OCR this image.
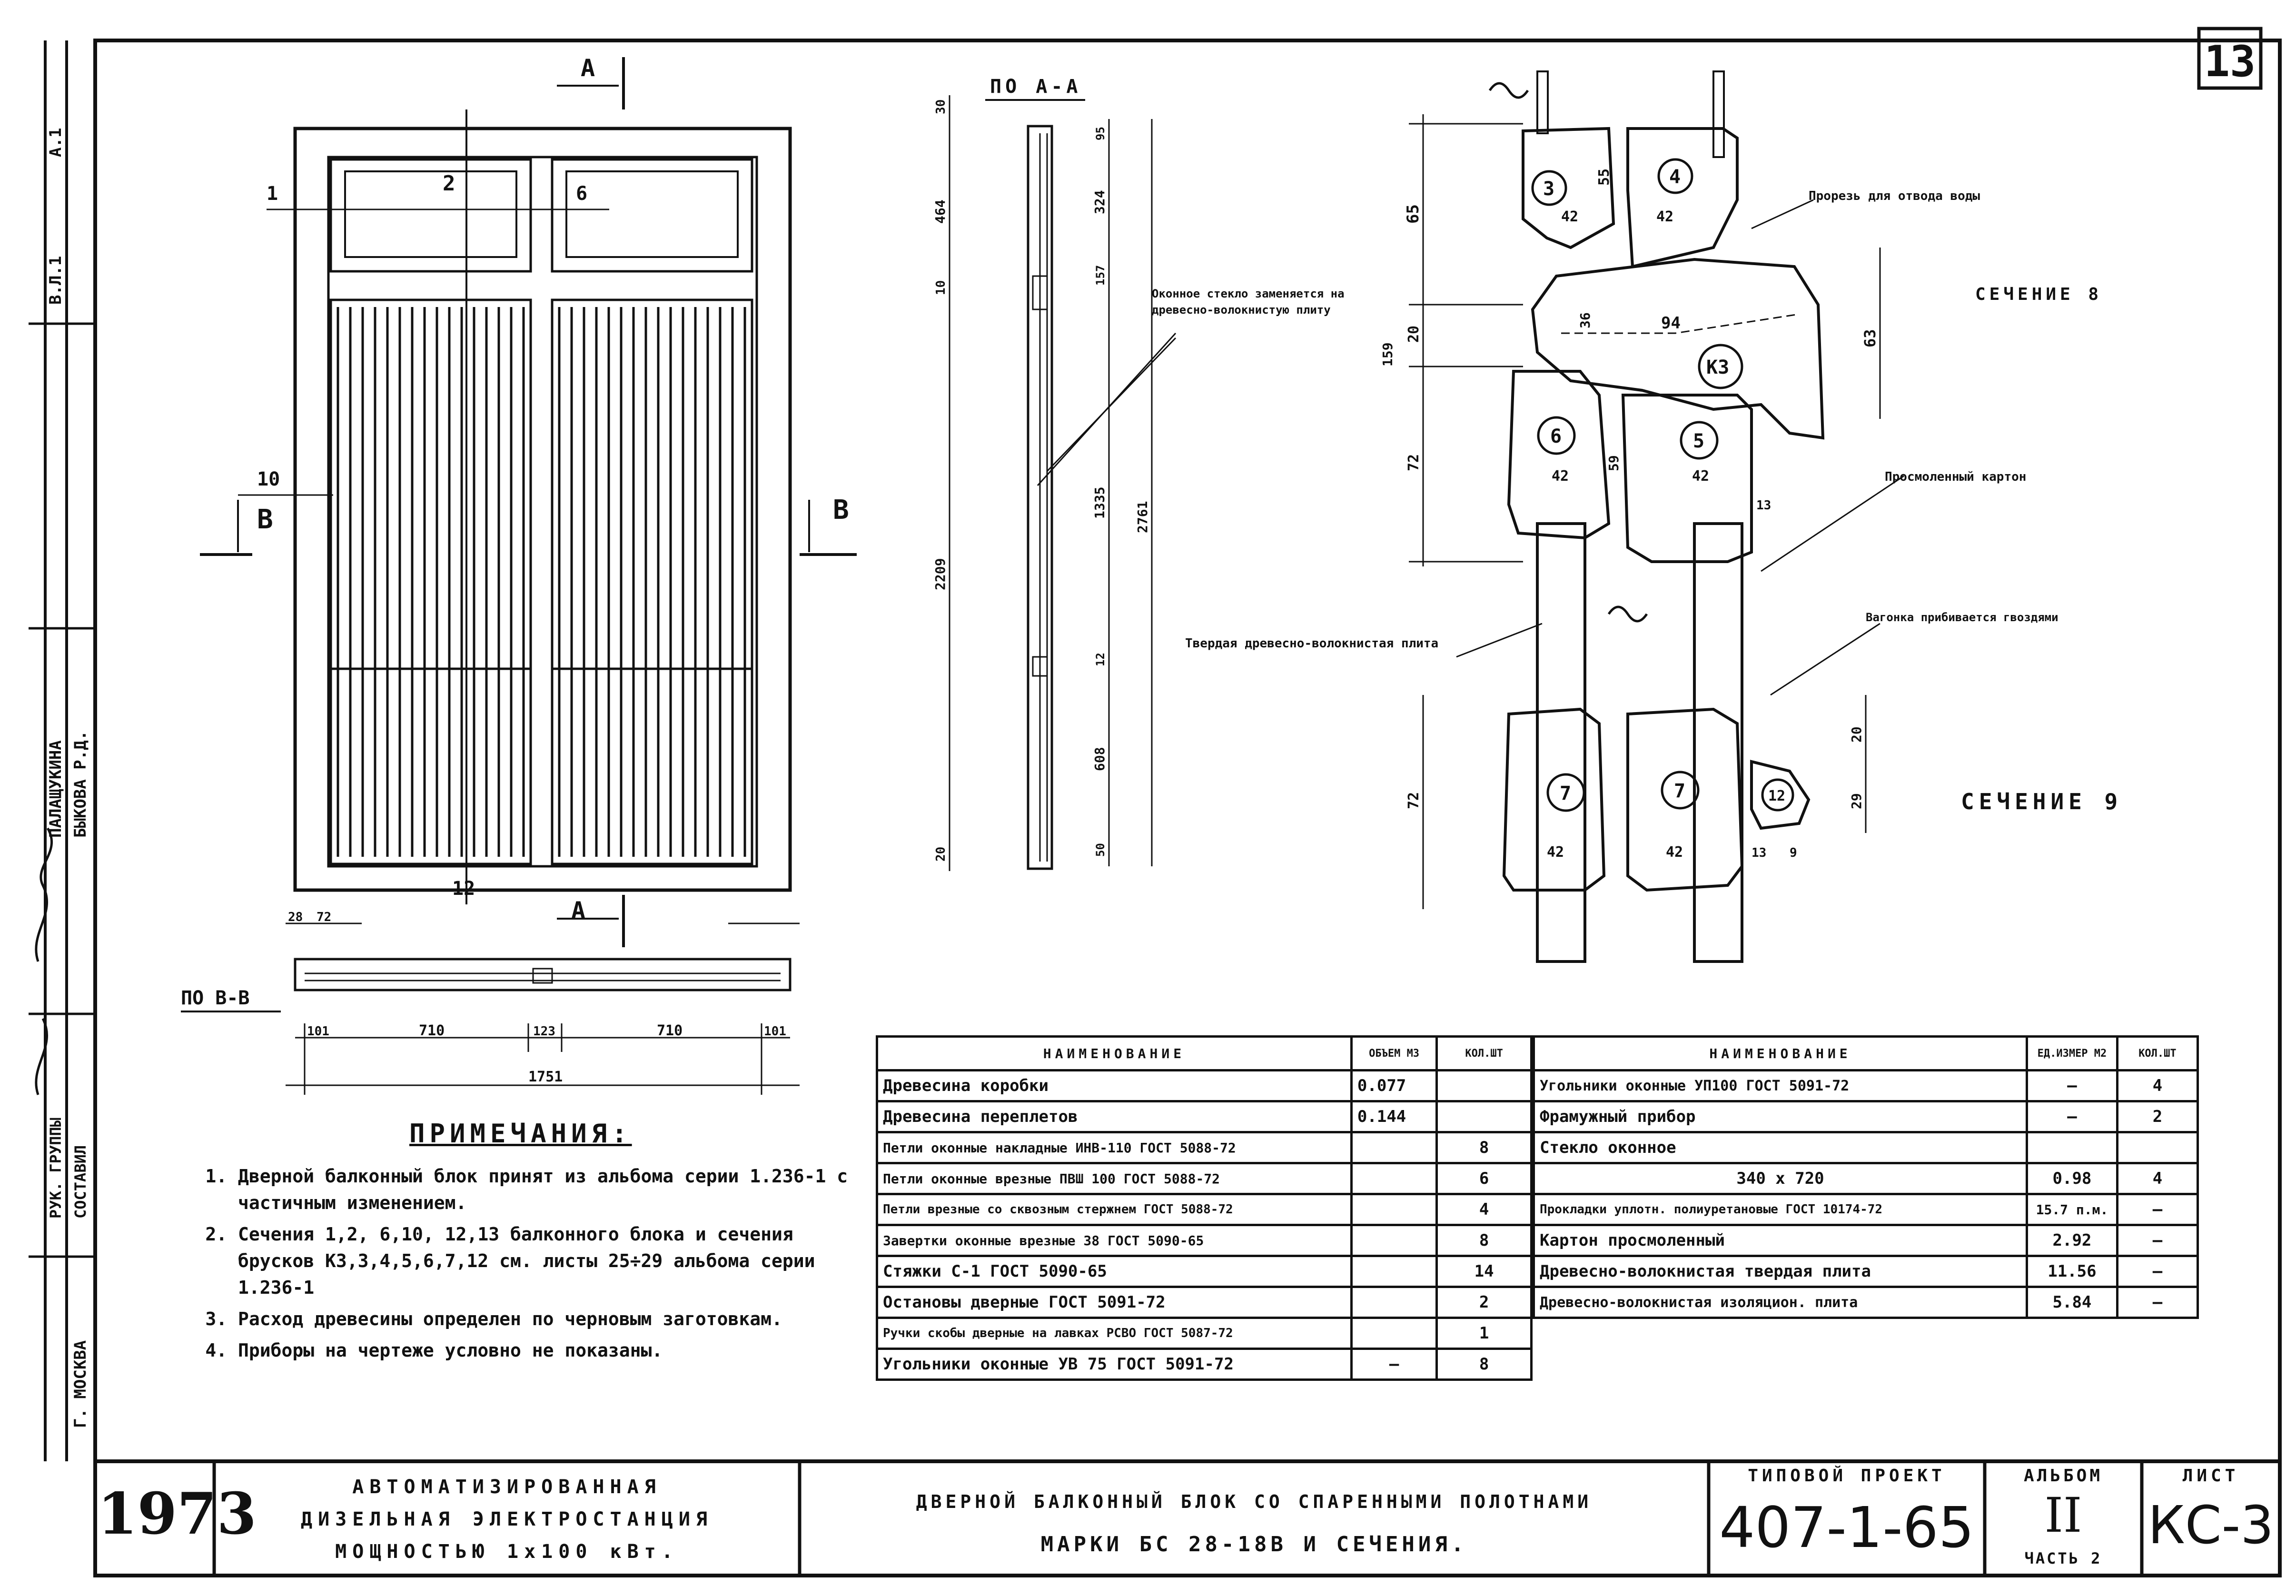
13
В.Л.1
А.1
ПАЛАЩУКИНА БЫКОВА Р.Д.
РУК. ГРУППЫ СОСТАВИЛ
Г. МОСКВА
А
А
В	В
1	2	6
10
12
ПО В-В
28 72
101	710	123	710	101
1751
ПО А-А
30
464
10
2209
20
95
324
157
1335
12
608
50
2761
Оконное стекло заменяется на древесно-волокнистую плиту
3
4
К3
6	5
7	7	12
65
55
42	42
20
36	94
63
159
72	59
42	42
13
20
72	29
42	42	13 9
Прорезь для отвода воды
Просмоленный картон
Вагонка прибивается гвоздями
Твердая древесно-волокнистая плита
СЕЧЕНИЕ 8
СЕЧЕНИЕ 9
ПРИМЕЧАНИЯ:
1. Дверной балконный блок принят из альбома серии 1.236-1 с частичным изменением.
2. Сечения 1,2, 6,10, 12,13 балконного блока и сечения брусков К3,3,4,5,6,7,12 см. листы 25÷29 альбома серии 1.236-1
3. Расход древесины определен по черновым заготовкам.
4. Приборы на чертеже условно не показаны.
НАИМЕНОВАНИЕ	ОБЪЕМ М3	КОЛ.ШТ
Древесина коробки	0.077	
Древесина переплетов	0.144	
Петли оконные накладные ИНВ-110 ГОСТ 5088-72		8
Петли оконные врезные ПВШ 100 ГОСТ 5088-72		6
Петли врезные со сквозным стержнем ГОСТ 5088-72		4
Завертки оконные врезные 38 ГОСТ 5090-65		8
Стяжки С-1 ГОСТ 5090-65		14
Остановы дверные ГОСТ 5091-72		2
Ручки скобы дверные на лавках РСВО ГОСТ 5087-72		1
Угольники оконные УВ 75 ГОСТ 5091-72	—	8
НАИМЕНОВАНИЕ	ЕД.ИЗМЕР М2	КОЛ.ШТ
Угольники оконные УП100 ГОСТ 5091-72	—	4
Фрамужный прибор	—	2
Стекло оконное		
340 x 720	0.98	4
Прокладки уплотн. полиуретановые ГОСТ 10174-72	15.7 п.м.	—
Картон просмоленный	2.92	—
Древесно-волокнистая твердая плита	11.56	—
Древесно-волокнистая изоляцион. плита	5.84	—
1973	АВТОМАТИЗИРОВАННАЯ
ДИЗЕЛЬНАЯ ЭЛЕКТРОСТАНЦИЯ
МОЩНОСТЬЮ 1х100 кВт.
ДВЕРНОЙ БАЛКОННЫЙ БЛОК СО СПАРЕННЫМИ ПОЛОТНАМИ
МАРКИ БС 28-18В И СЕЧЕНИЯ.
ТИПОВОЙ ПРОЕКТ
407-1-65
АЛЬБОМ
II
ЧАСТЬ 2
ЛИСТ
КС-3
